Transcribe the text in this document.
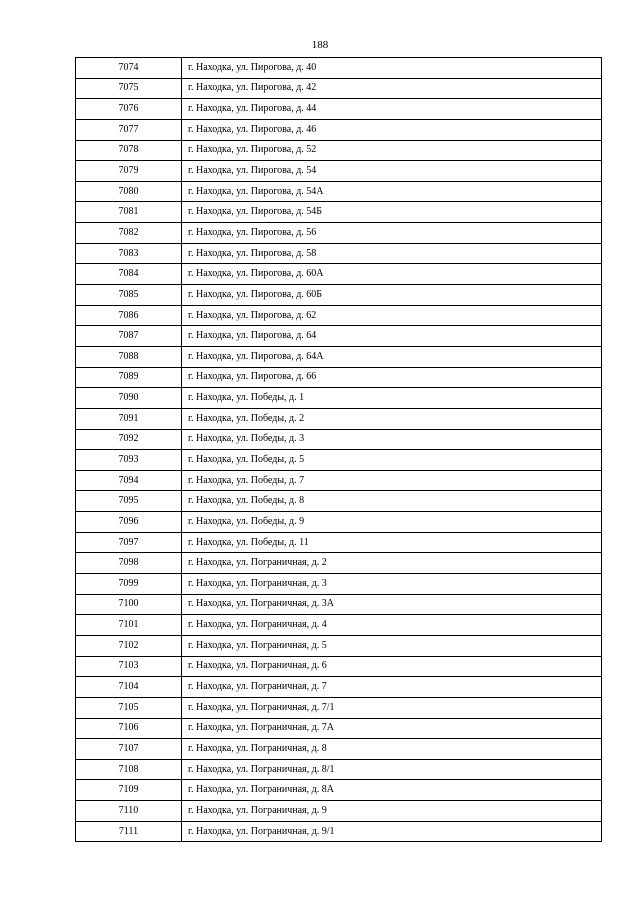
188
7074	г. Находка, ул. Пирогова, д. 40
7075	г. Находка, ул. Пирогова, д. 42
7076	г. Находка, ул. Пирогова, д. 44
7077	г. Находка, ул. Пирогова, д. 46
7078	г. Находка, ул. Пирогова, д. 52
7079	г. Находка, ул. Пирогова, д. 54
7080	г. Находка, ул. Пирогова, д. 54А
7081	г. Находка, ул. Пирогова, д. 54Б
7082	г. Находка, ул. Пирогова, д. 56
7083	г. Находка, ул. Пирогова, д. 58
7084	г. Находка, ул. Пирогова, д. 60А
7085	г. Находка, ул. Пирогова, д. 60Б
7086	г. Находка, ул. Пирогова, д. 62
7087	г. Находка, ул. Пирогова, д. 64
7088	г. Находка, ул. Пирогова, д. 64А
7089	г. Находка, ул. Пирогова, д. 66
7090	г. Находка, ул. Победы, д. 1
7091	г. Находка, ул. Победы, д. 2
7092	г. Находка, ул. Победы, д. 3
7093	г. Находка, ул. Победы, д. 5
7094	г. Находка, ул. Победы, д. 7
7095	г. Находка, ул. Победы, д. 8
7096	г. Находка, ул. Победы, д. 9
7097	г. Находка, ул. Победы, д. 11
7098	г. Находка, ул. Пограничная, д. 2
7099	г. Находка, ул. Пограничная, д. 3
7100	г. Находка, ул. Пограничная, д. 3А
7101	г. Находка, ул. Пограничная, д. 4
7102	г. Находка, ул. Пограничная, д. 5
7103	г. Находка, ул. Пограничная, д. 6
7104	г. Находка, ул. Пограничная, д. 7
7105	г. Находка, ул. Пограничная, д. 7/1
7106	г. Находка, ул. Пограничная, д. 7А
7107	г. Находка, ул. Пограничная, д. 8
7108	г. Находка, ул. Пограничная, д. 8/1
7109	г. Находка, ул. Пограничная, д. 8А
7110	г. Находка, ул. Пограничная, д. 9
7111	г. Находка, ул. Пограничная, д. 9/1
